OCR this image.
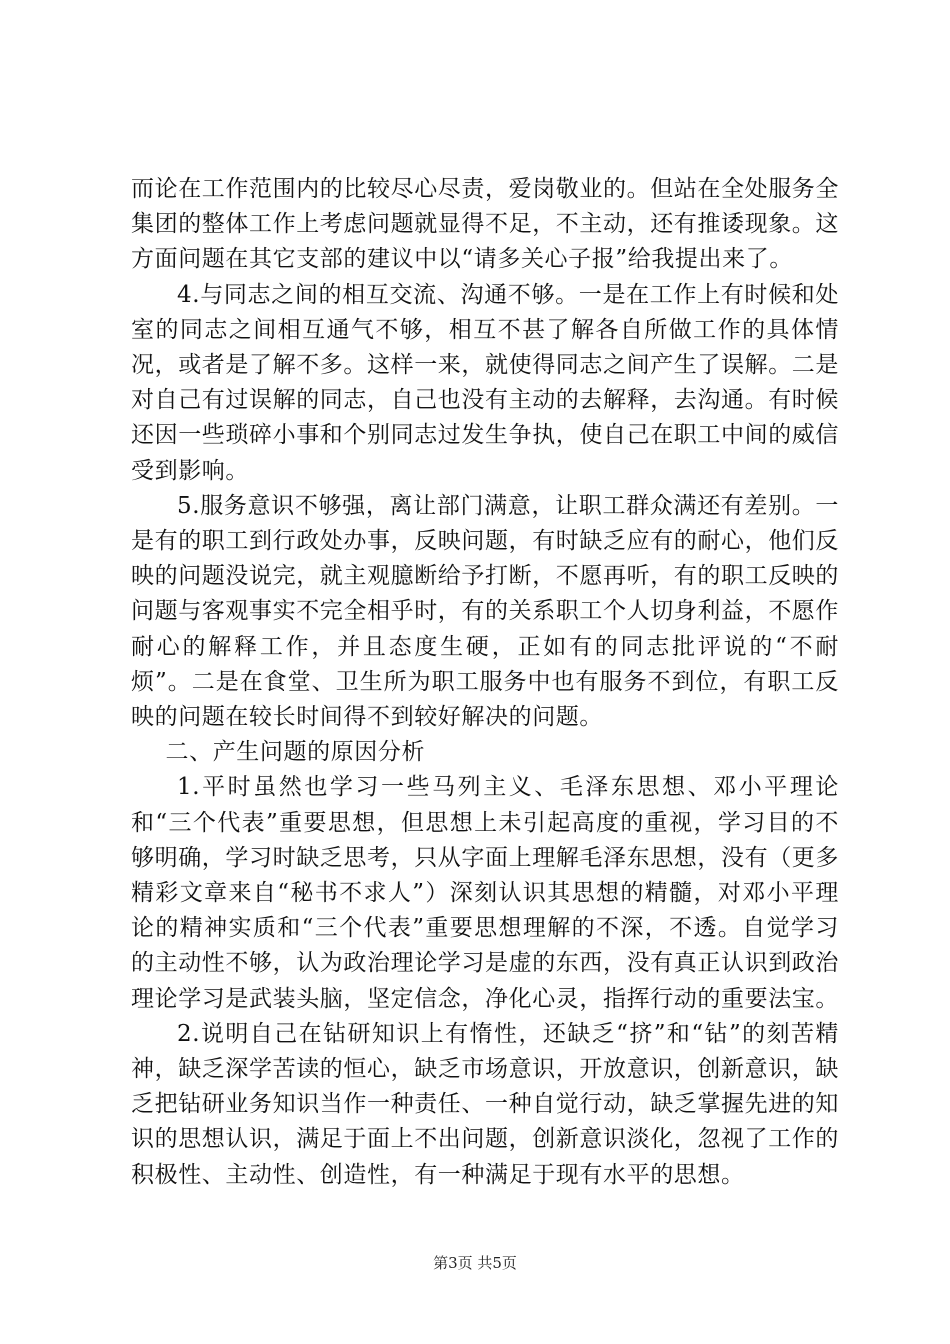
而论在工作范围内的比较尽心尽责，爱岗敬业的。但站在全处服务全集团的整体工作上考虑问题就显得不足，不主动，还有推诿现象。这方面问题在其它支部的建议中以“请多关心子报”给我提出来了。

4.与同志之间的相互交流、沟通不够。一是在工作上有时候和处室的同志之间相互通气不够，相互不甚了解各自所做工作的具体情况，或者是了解不多。这样一来，就使得同志之间产生了误解。二是对自己有过误解的同志，自己也没有主动的去解释，去沟通。有时候还因一些琐碎小事和个别同志过发生争执，使自己在职工中间的威信受到影响。

5.服务意识不够强，离让部门满意，让职工群众满还有差别。一是有的职工到行政处办事，反映问题，有时缺乏应有的耐心，他们反映的问题没说完，就主观臆断给予打断，不愿再听，有的职工反映的问题与客观事实不完全相乎时，有的关系职工个人切身利益，不愿作耐心的解释工作，并且态度生硬，正如有的同志批评说的“不耐烦”。二是在食堂、卫生所为职工服务中也有服务不到位，有职工反映的问题在较长时间得不到较好解决的问题。

二、产生问题的原因分析

1.平时虽然也学习一些马列主义、毛泽东思想、邓小平理论和“三个代表”重要思想，但思想上未引起高度的重视，学习目的不够明确，学习时缺乏思考，只从字面上理解毛泽东思想，没有（更多精彩文章来自“秘书不求人”）深刻认识其思想的精髓，对邓小平理论的精神实质和“三个代表”重要思想理解的不深，不透。自觉学习的主动性不够，认为政治理论学习是虚的东西，没有真正认识到政治理论学习是武装头脑，坚定信念，净化心灵，指挥行动的重要法宝。

2.说明自己在钻研知识上有惰性，还缺乏“挤”和“钻”的刻苦精神，缺乏深学苦读的恒心，缺乏市场意识，开放意识，创新意识，缺乏把钻研业务知识当作一种责任、一种自觉行动，缺乏掌握先进的知识的思想认识，满足于面上不出问题，创新意识淡化，忽视了工作的积极性、主动性、创造性，有一种满足于现有水平的思想。

第3页 共5页
